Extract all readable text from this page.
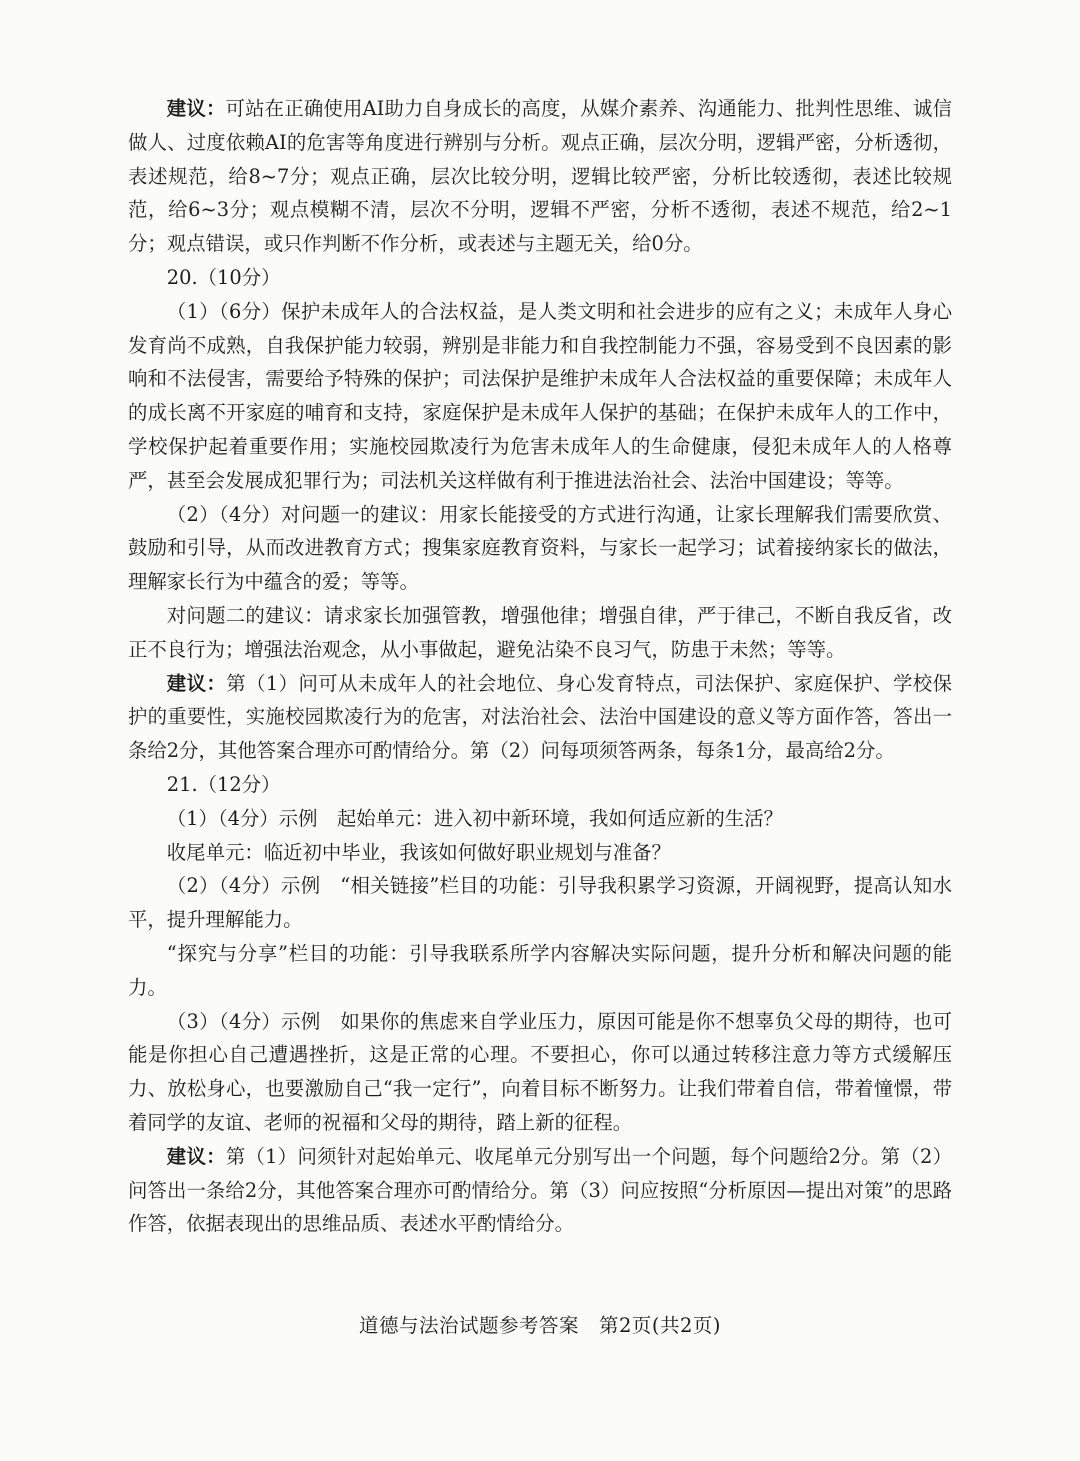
建议：可站在正确使用AI助力自身成长的高度，从媒介素养、沟通能力、批判性思维、诚信做人、过度依赖AI的危害等角度进行辨别与分析。观点正确，层次分明，逻辑严密，分析透彻，表述规范，给8~7分；观点正确，层次比较分明，逻辑比较严密，分析比较透彻，表述比较规范，给6~3分；观点模糊不清，层次不分明，逻辑不严密，分析不透彻，表述不规范，给2~1分；观点错误，或只作判断不作分析，或表述与主题无关，给0分。

20.（10分）

（1）（6分）保护未成年人的合法权益，是人类文明和社会进步的应有之义；未成年人身心发育尚不成熟，自我保护能力较弱，辨别是非能力和自我控制能力不强，容易受到不良因素的影响和不法侵害，需要给予特殊的保护；司法保护是维护未成年人合法权益的重要保障；未成年人的成长离不开家庭的哺育和支持，家庭保护是未成年人保护的基础；在保护未成年人的工作中，学校保护起着重要作用；实施校园欺凌行为危害未成年人的生命健康，侵犯未成年人的人格尊严，甚至会发展成犯罪行为；司法机关这样做有利于推进法治社会、法治中国建设；等等。

（2）（4分）对问题一的建议：用家长能接受的方式进行沟通，让家长理解我们需要欣赏、鼓励和引导，从而改进教育方式；搜集家庭教育资料，与家长一起学习；试着接纳家长的做法，理解家长行为中蕴含的爱；等等。

对问题二的建议：请求家长加强管教，增强他律；增强自律，严于律己，不断自我反省，改正不良行为；增强法治观念，从小事做起，避免沾染不良习气，防患于未然；等等。

建议：第（1）问可从未成年人的社会地位、身心发育特点，司法保护、家庭保护、学校保护的重要性，实施校园欺凌行为的危害，对法治社会、法治中国建设的意义等方面作答，答出一条给2分，其他答案合理亦可酌情给分。第（2）问每项须答两条，每条1分，最高给2分。

21.（12分）

（1）（4分）示例　起始单元：进入初中新环境，我如何适应新的生活？

收尾单元：临近初中毕业，我该如何做好职业规划与准备？

（2）（4分）示例　“相关链接”栏目的功能：引导我积累学习资源，开阔视野，提高认知水平，提升理解能力。

“探究与分享”栏目的功能：引导我联系所学内容解决实际问题，提升分析和解决问题的能力。

（3）（4分）示例　如果你的焦虑来自学业压力，原因可能是你不想辜负父母的期待，也可能是你担心自己遭遇挫折，这是正常的心理。不要担心，你可以通过转移注意力等方式缓解压力、放松身心，也要激励自己“我一定行”，向着目标不断努力。让我们带着自信，带着憧憬，带着同学的友谊、老师的祝福和父母的期待，踏上新的征程。

建议：第（1）问须针对起始单元、收尾单元分别写出一个问题，每个问题给2分。第（2）问答出一条给2分，其他答案合理亦可酌情给分。第（3）问应按照“分析原因—提出对策”的思路作答，依据表现出的思维品质、表述水平酌情给分。

道德与法治试题参考答案　第2页(共2页)
